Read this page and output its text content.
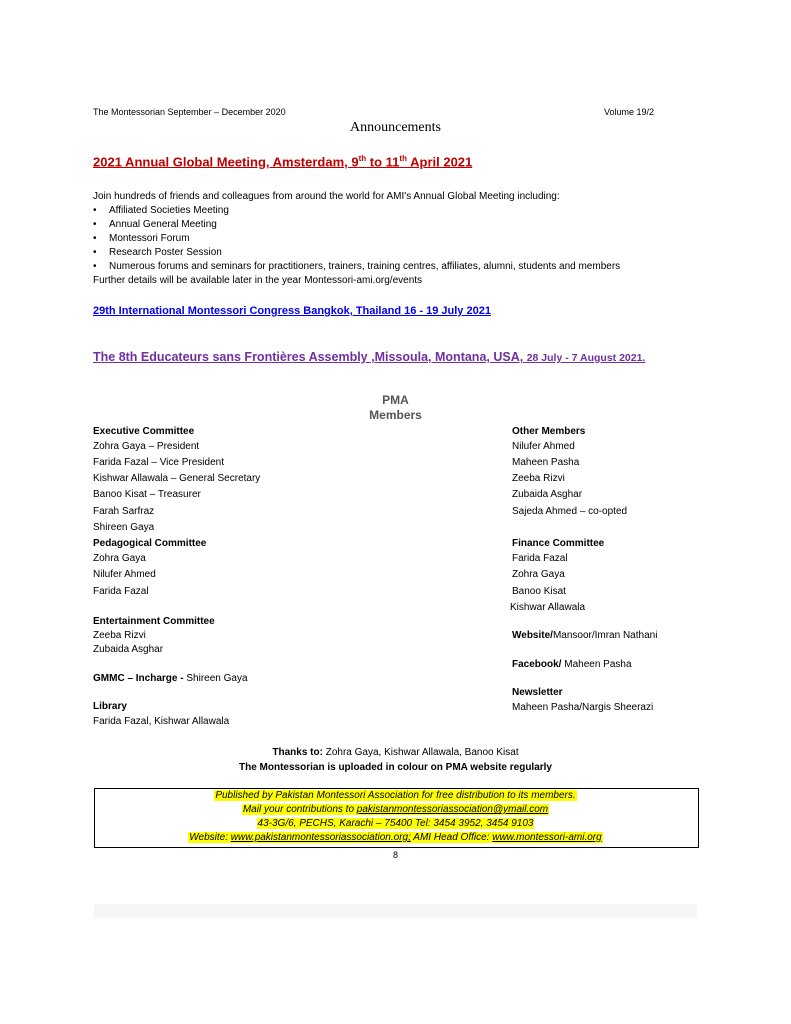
The Montessorian September – December 2020	Volume 19/2
Announcements
2021 Annual Global Meeting, Amsterdam, 9th to 11th April 2021
Join hundreds of friends and colleagues from around the world for AMI's Annual Global Meeting including:
• Affiliated Societies Meeting
• Annual General Meeting
• Montessori Forum
• Research Poster Session
• Numerous forums and seminars for practitioners, trainers, training centres, affiliates, alumni, students and members
Further details will be available later in the year Montessori-ami.org/events
29th International Montessori Congress Bangkok, Thailand 16 - 19 July 2021
The 8th Educateurs sans Frontières Assembly ,Missoula, Montana, USA, 28 July - 7 August 2021.
PMA
Members
Executive Committee
Zohra Gaya – President
Farida Fazal – Vice President
Kishwar Allawala – General Secretary
Banoo Kisat – Treasurer
Farah Sarfraz
Shireen Gaya
Pedagogical Committee
Zohra Gaya
Nilufer Ahmed
Farida Fazal
Entertainment Committee
Zeeba Rizvi
Zubaida Asghar
GMMC – Incharge - Shireen Gaya
Library
Farida Fazal, Kishwar Allawala
Other Members
Nilufer Ahmed
Maheen Pasha
Zeeba Rizvi
Zubaida Asghar
Sajeda Ahmed – co-opted
Finance Committee
Farida Fazal
Zohra Gaya
Banoo Kisat
Kishwar Allawala
Website/Mansoor/Imran Nathani
Facebook/ Maheen Pasha
Newsletter
Maheen Pasha/Nargis Sheerazi
Thanks to: Zohra Gaya, Kishwar Allawala, Banoo Kisat
The Montessorian is uploaded in colour on PMA website regularly
Published by Pakistan Montessori Association for free distribution to its members.
Mail your contributions to pakistanmontessoriassociation@ymail.com
43-3G/6, PECHS, Karachi – 75400 Tel: 3454 3952, 3454 9103
Website: www.pakistanmontessoriassociation.org; AMI Head Office: www.montessori-ami.org
8
